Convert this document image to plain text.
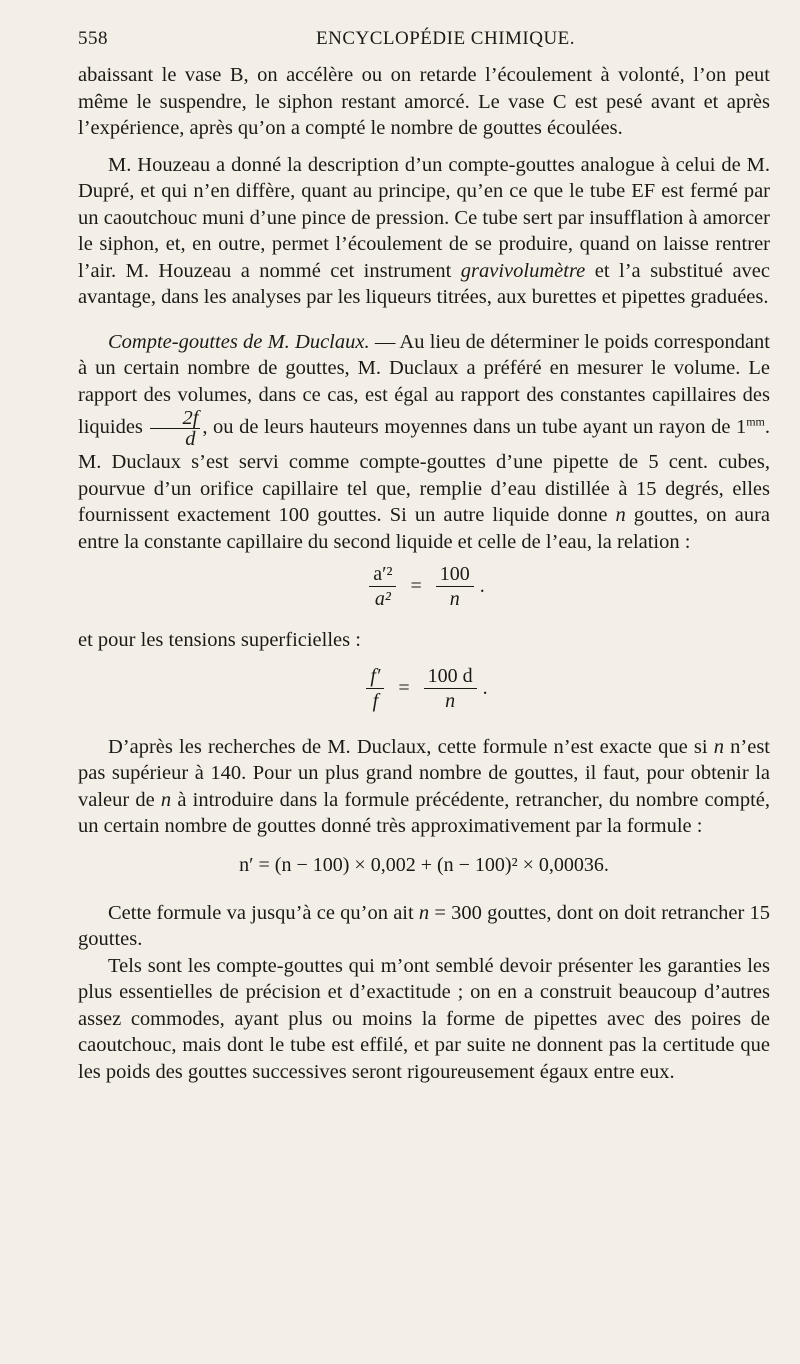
558	ENCYCLOPÉDIE CHIMIQUE.

abaissant le vase B, on accélère ou on retarde l’écoulement à volonté, l’on peut même le suspendre, le siphon restant amorcé. Le vase C est pesé avant et après l’expérience, après qu’on a compté le nombre de gouttes écoulées.

M. Houzeau a donné la description d’un compte-gouttes analogue à celui de M. Dupré, et qui n’en diffère, quant au principe, qu’en ce que le tube EF est fermé par un caoutchouc muni d’une pince de pression. Ce tube sert par insufflation à amorcer le siphon, et, en outre, permet l’écoulement de se produire, quand on laisse rentrer l’air. M. Houzeau a nommé cet instrument gravivolumètre et l’a substitué avec avantage, dans les analyses par les liqueurs titrées, aux burettes et pipettes graduées.

Compte-gouttes de M. Duclaux. — Au lieu de déterminer le poids correspondant à un certain nombre de gouttes, M. Duclaux a préféré en mesurer le volume. Le rapport des volumes, dans ce cas, est égal au rapport des constantes capillaires des liquides $\frac{2f}{d}$ , ou de leurs hauteurs moyennes dans un tube ayant un rayon de $1^{mm}$. M. Duclaux s’est servi comme compte-gouttes d’une pipette de 5 cent. cubes, pourvue d’un orifice capillaire tel que, remplie d’eau distillée à 15 degrés, elles fournissent exactement 100 gouttes. Si un autre liquide donne n gouttes, on aura entre la constante capillaire du second liquide et celle de l’eau, la relation :

$\frac{\text{a′²}}{\text{a²}} = \frac{100}{n}$ .

et pour les tensions superficielles :

$\frac{f'}{f} = \frac{100 d}{n}$ .

D’après les recherches de M. Duclaux, cette formule n’est exacte que si n n’est pas supérieur à 140. Pour un plus grand nombre de gouttes, il faut, pour obtenir la valeur de n à introduire dans la formule précédente, retrancher, du nombre compté, un certain nombre de gouttes donné très approximativement par la formule :

n′ = (n − 100) × 0,002 + (n − 100)² × 0,00036.

Cette formule va jusqu’à ce qu’on ait n = 300 gouttes, dont on doit retrancher 15 gouttes.

Tels sont les compte-gouttes qui m’ont semblé devoir présenter les garanties les plus essentielles de précision et d’exactitude ; on en a construit beaucoup d’autres assez commodes, ayant plus ou moins la forme de pipettes avec des poires de caoutchouc, mais dont le tube est effilé, et par suite ne donnent pas la certitude que les poids des gouttes successives seront rigoureusement égaux entre eux.
